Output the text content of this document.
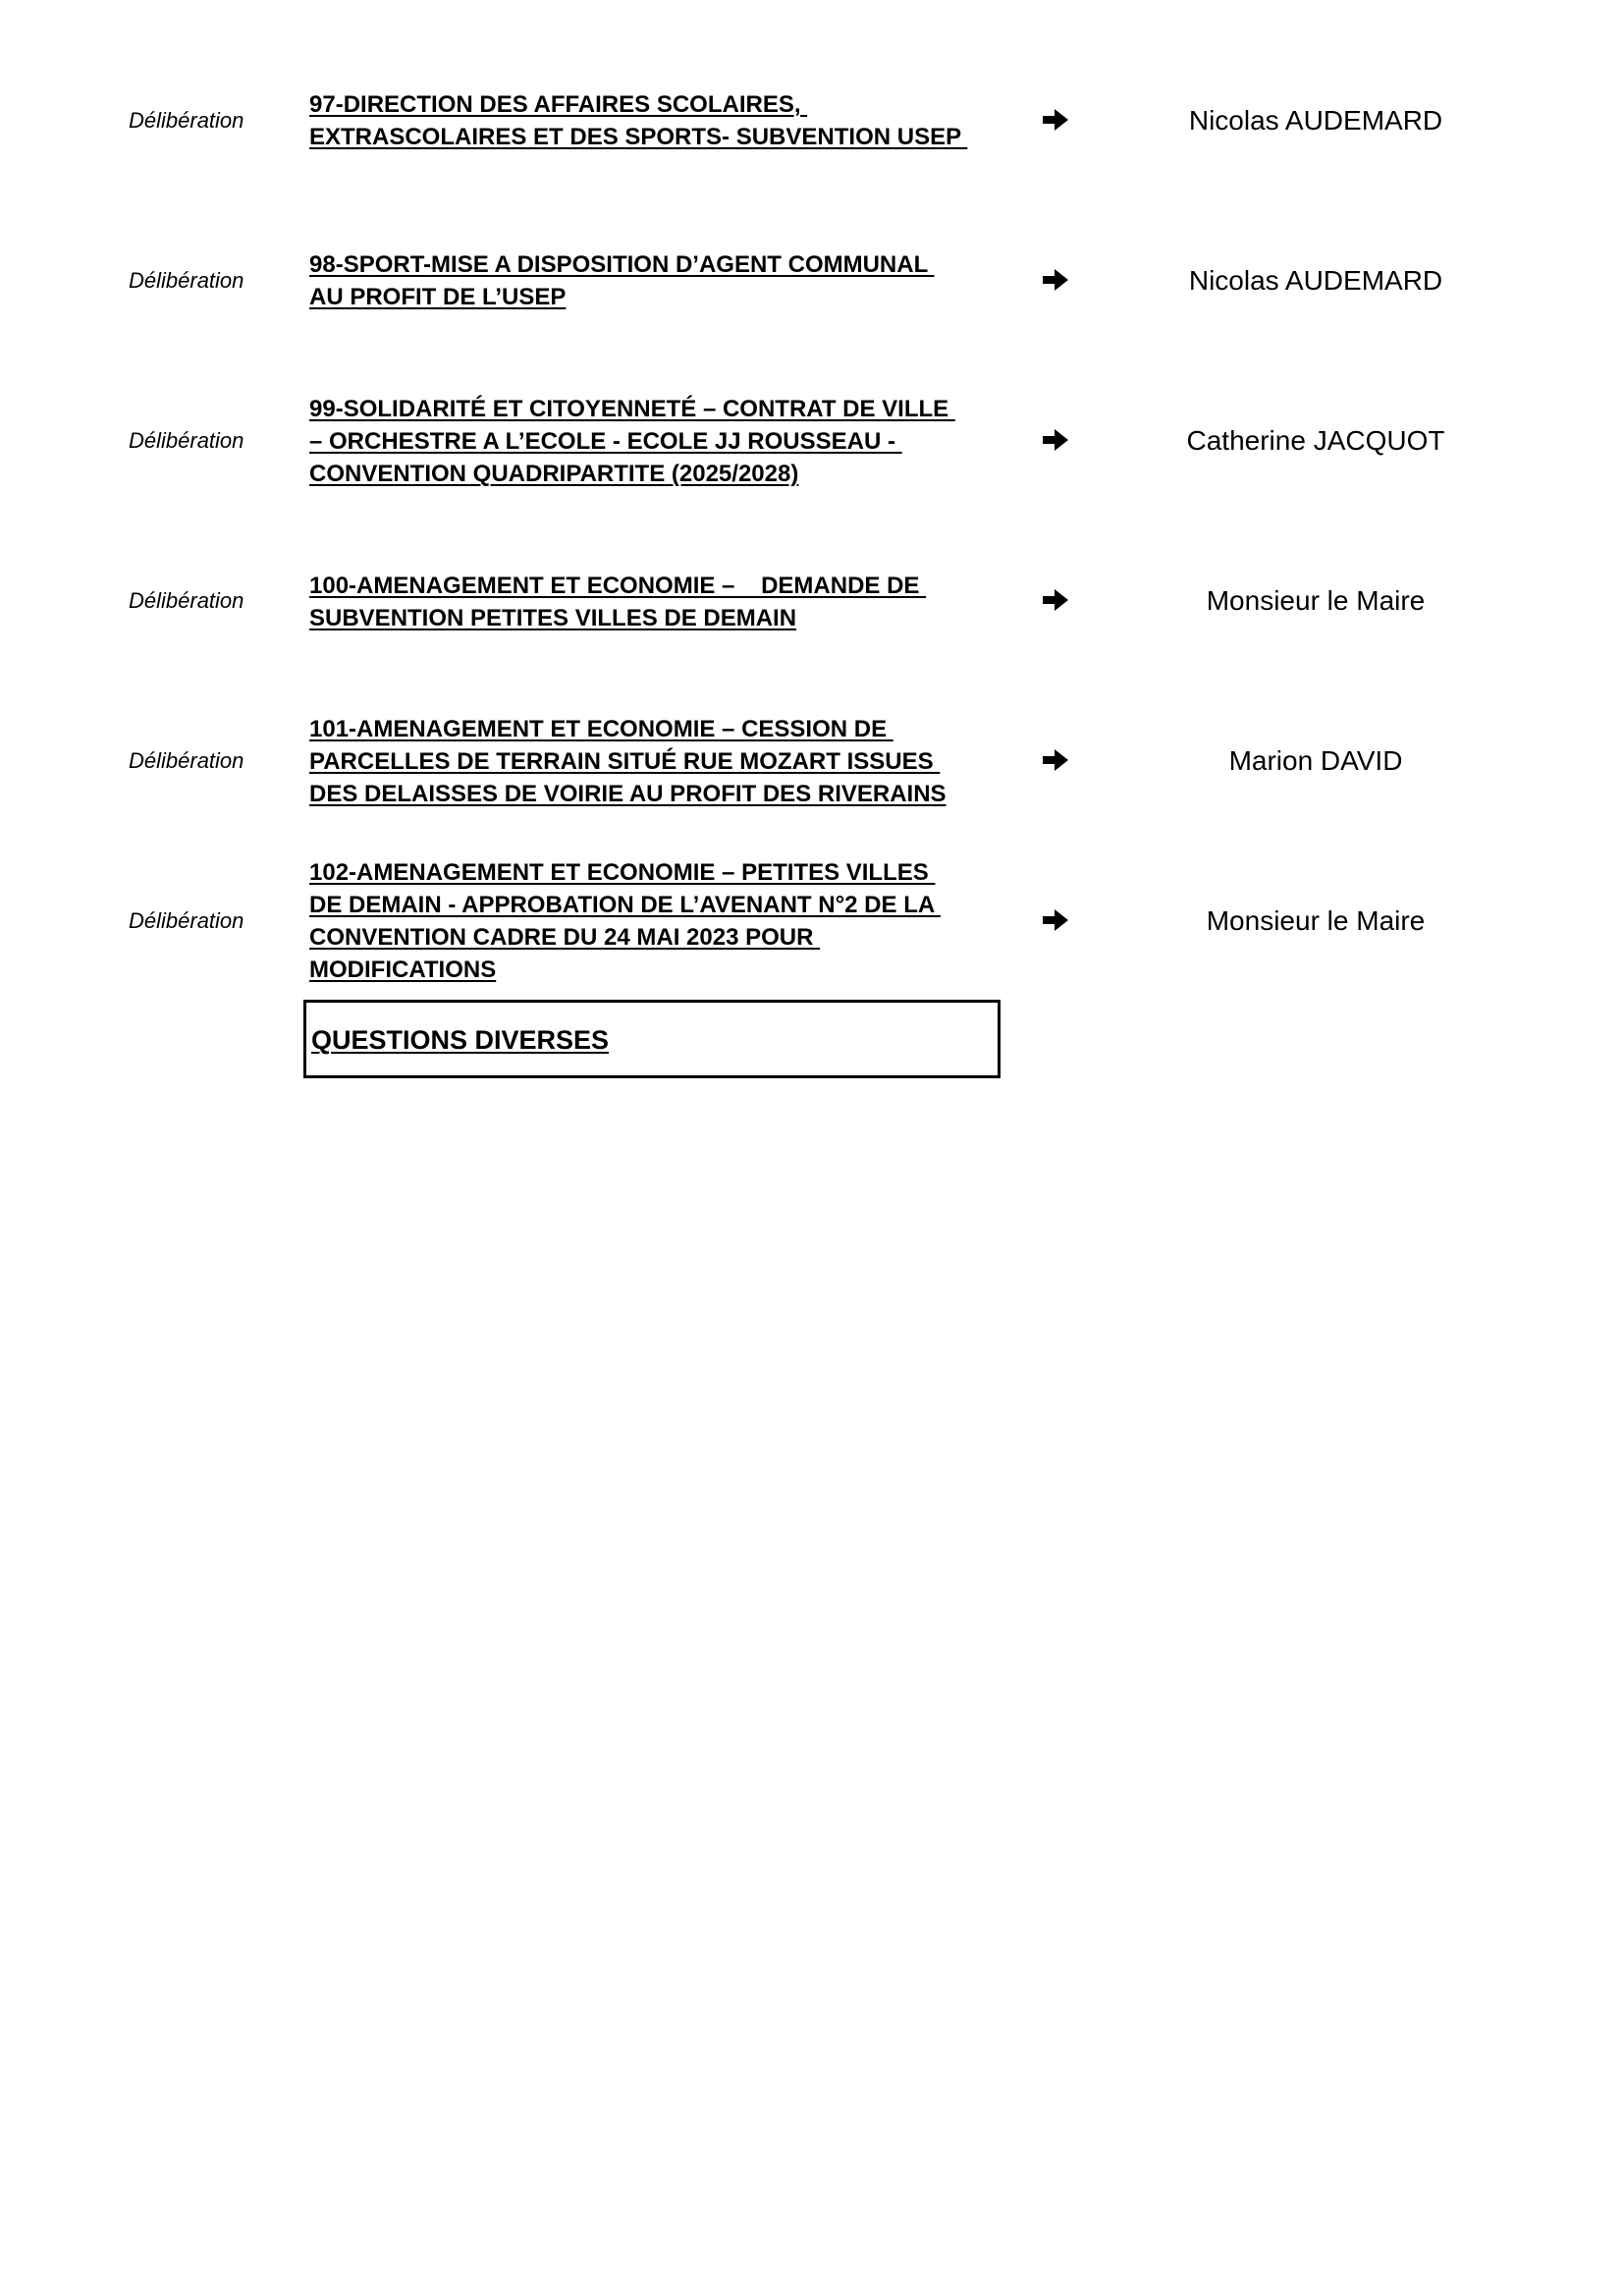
Délibération
97-DIRECTION DES AFFAIRES SCOLAIRES,
EXTRASCOLAIRES ET DES SPORTS- SUBVENTION USEP
Nicolas AUDEMARD
Délibération
98-SPORT-MISE A DISPOSITION D’AGENT COMMUNAL
AU PROFIT DE L’USEP
Nicolas AUDEMARD
Délibération
99-SOLIDARITÉ ET CITOYENNETÉ – CONTRAT DE VILLE
– ORCHESTRE A L’ECOLE - ECOLE JJ ROUSSEAU -
CONVENTION QUADRIPARTITE (2025/2028)
Catherine JACQUOT
Délibération
100-AMENAGEMENT ET ECONOMIE –    DEMANDE DE
SUBVENTION PETITES VILLES DE DEMAIN
Monsieur le Maire
Délibération
101-AMENAGEMENT ET ECONOMIE – CESSION DE
PARCELLES DE TERRAIN SITUÉ RUE MOZART ISSUES
DES DELAISSES DE VOIRIE AU PROFIT DES RIVERAINS
Marion DAVID
Délibération
102-AMENAGEMENT ET ECONOMIE – PETITES VILLES
DE DEMAIN - APPROBATION DE L’AVENANT N°2 DE LA
CONVENTION CADRE DU 24 MAI 2023 POUR
MODIFICATIONS
Monsieur le Maire
QUESTIONS DIVERSES
